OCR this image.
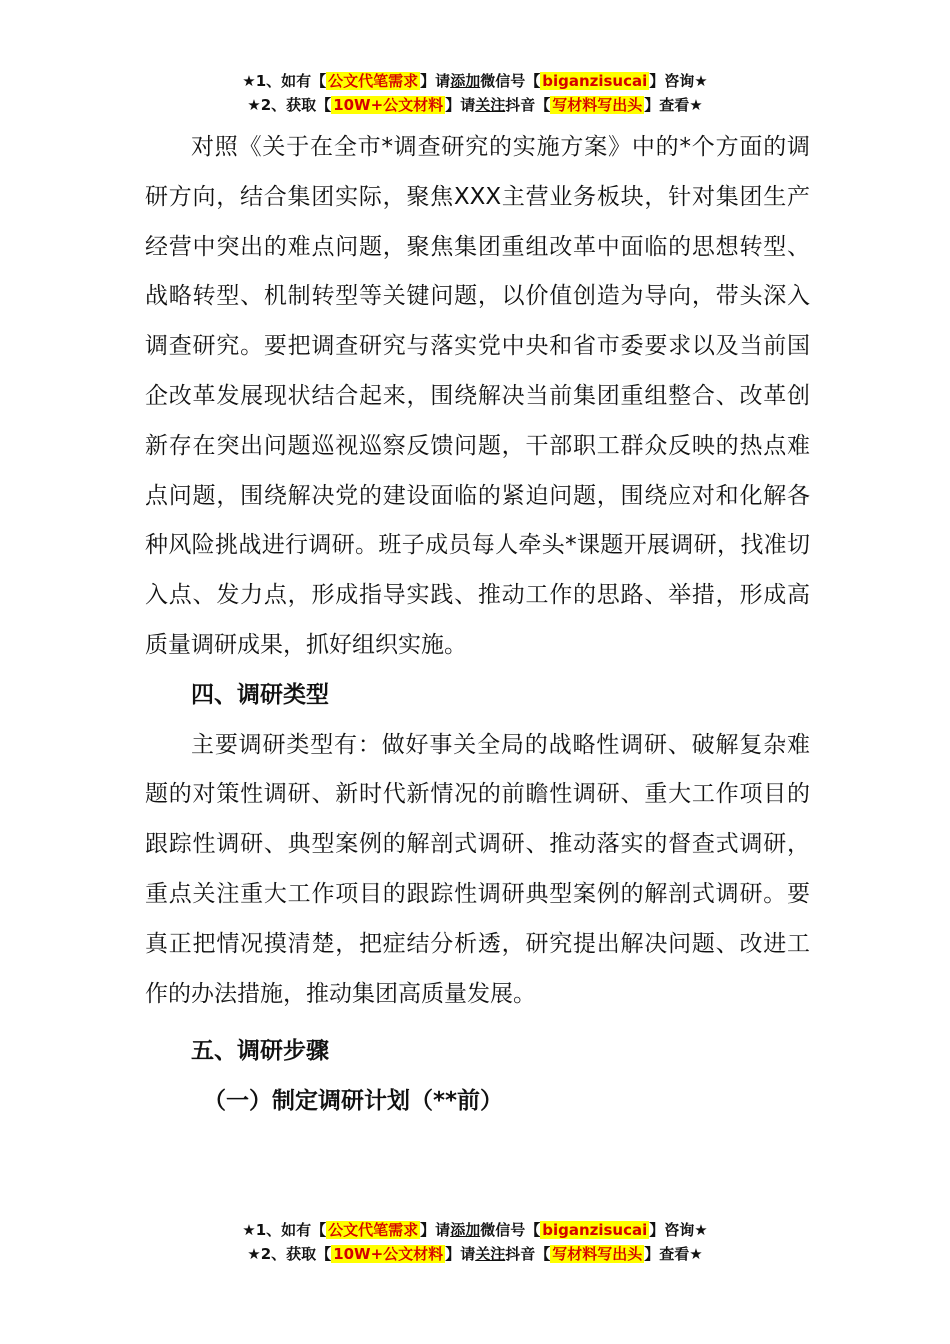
★1、如有【 公文代笔需求 】请添加微信号【 biganzisucai 】咨询★
★2、获取【 10W+公文材料 】请关注抖音【 写材料写出头 】查看★

对照《关于在全市*调查研究的实施方案》中的*个方面的调研方向，结合集团实际，聚焦XXX主营业务板块，针对集团生产经营中突出的难点问题，聚焦集团重组改革中面临的思想转型、战略转型、机制转型等关键问题，以价值创造为导向，带头深入调查研究。要把调查研究与落实党中央和省市委要求以及当前国企改革发展现状结合起来，围绕解决当前集团重组整合、改革创新存在突出问题巡视巡察反馈问题，干部职工群众反映的热点难点问题，围绕解决党的建设面临的紧迫问题，围绕应对和化解各种风险挑战进行调研。班子成员每人牵头*课题开展调研，找准切入点、发力点，形成指导实践、推动工作的思路、举措，形成高质量调研成果，抓好组织实施。

四、调研类型

主要调研类型有：做好事关全局的战略性调研、破解复杂难题的对策性调研、新时代新情况的前瞻性调研、重大工作项目的跟踪性调研、典型案例的解剖式调研、推动落实的督查式调研，重点关注重大工作项目的跟踪性调研典型案例的解剖式调研。要真正把情况摸清楚，把症结分析透，研究提出解决问题、改进工作的办法措施，推动集团高质量发展。

五、调研步骤

（一）制定调研计划（**前）

★1、如有【 公文代笔需求 】请添加微信号【 biganzisucai 】咨询★
★2、获取【 10W+公文材料 】请关注抖音【 写材料写出头 】查看★
